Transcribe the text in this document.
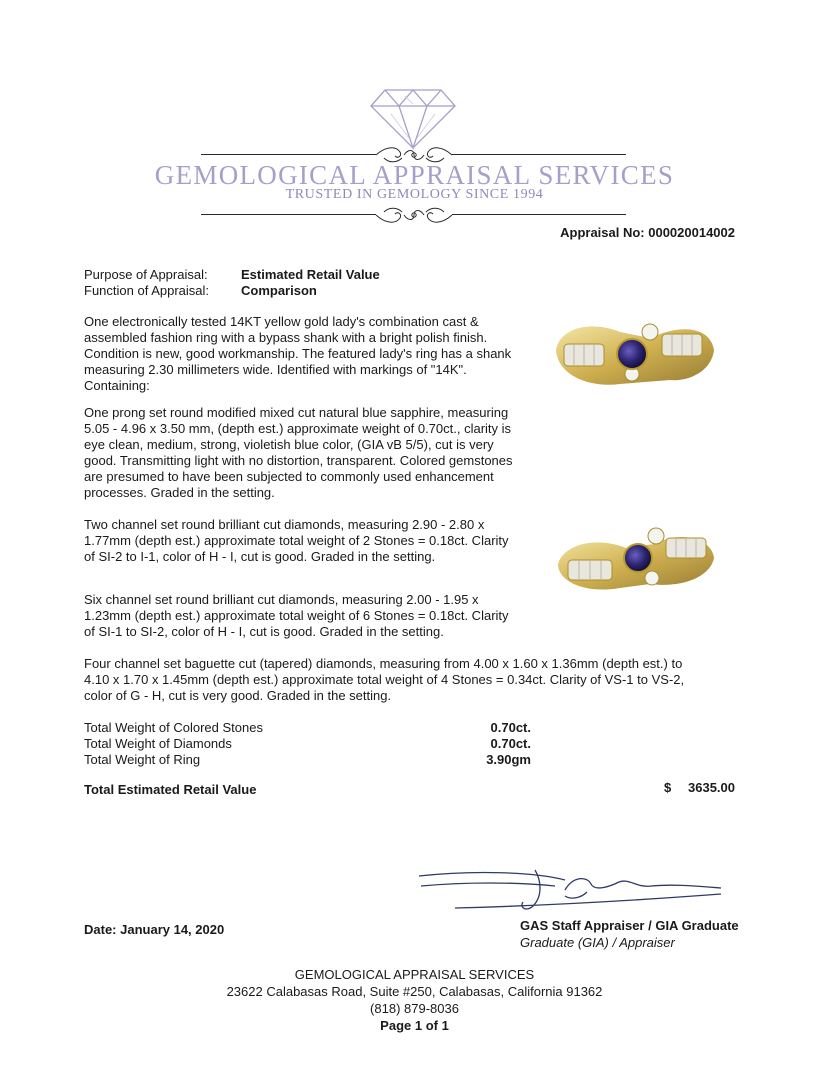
GEMOLOGICAL APPRAISAL SERVICES
TRUSTED IN GEMOLOGY SINCE 1994
Appraisal No: 000020014002
Purpose of Appraisal:	Estimated Retail Value
Function of Appraisal: Comparison
One electronically tested 14KT yellow gold lady's combination cast & assembled fashion ring with a bypass shank with a bright polish finish. Condition is new, good workmanship. The featured lady's ring has a shank measuring 2.30 millimeters wide. Identified with markings of "14K". Containing:
One prong set round modified mixed cut natural blue sapphire, measuring 5.05 - 4.96 x 3.50 mm, (depth est.) approximate weight of 0.70ct., clarity is eye clean, medium, strong, violetish blue color, (GIA vB 5/5), cut is very good. Transmitting light with no distortion, transparent. Colored gemstones are presumed to have been subjected to commonly used enhancement processes. Graded in the setting.
Two channel set round brilliant cut diamonds, measuring 2.90 - 2.80 x 1.77mm (depth est.) approximate total weight of 2 Stones = 0.18ct. Clarity of SI-2 to I-1, color of H - I, cut is good. Graded in the setting.
Six channel set round brilliant cut diamonds, measuring 2.00 - 1.95 x 1.23mm (depth est.) approximate total weight of 6 Stones = 0.18ct. Clarity of SI-1 to SI-2, color of H - I, cut is good. Graded in the setting.
Four channel set baguette cut (tapered) diamonds, measuring from 4.00 x 1.60 x 1.36mm (depth est.) to 4.10 x 1.70 x 1.45mm (depth est.) approximate total weight of 4 Stones = 0.34ct. Clarity of VS-1 to VS-2, color of G - H, cut is very good. Graded in the setting.
Total Weight of Colored Stones	0.70ct.
Total Weight of Diamonds	0.70ct.
Total Weight of Ring	3.90gm
Total Estimated Retail Value	$ 3635.00
Date: January 14, 2020	GAS Staff Appraiser / GIA Graduate
Graduate (GIA) / Appraiser
GEMOLOGICAL APPRAISAL SERVICES
23622 Calabasas Road, Suite #250, Calabasas, California 91362
(818) 879-8036
Page 1 of 1
